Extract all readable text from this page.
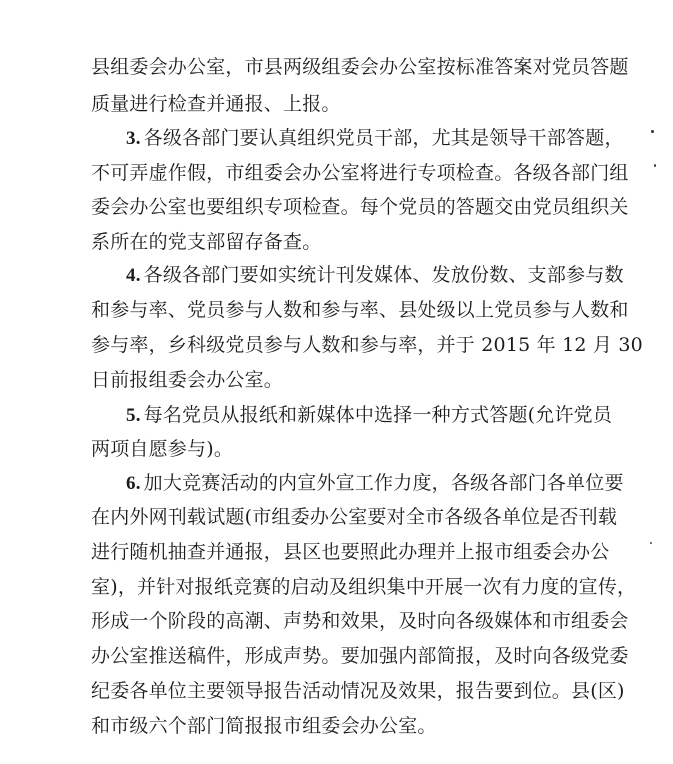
县组委会办公室，市县两级组委会办公室按标准答案对党员答题
质量进行检查并通报、上报。
3. 各级各部门要认真组织党员干部，尤其是领导干部答题，
不可弄虚作假，市组委会办公室将进行专项检查。各级各部门组
委会办公室也要组织专项检查。每个党员的答题交由党员组织关
系所在的党支部留存备查。
4. 各级各部门要如实统计刊发媒体、发放份数、支部参与数
和参与率、党员参与人数和参与率、县处级以上党员参与人数和
参与率，乡科级党员参与人数和参与率，并于 2015 年 12 月 30
日前报组委会办公室。
5. 每名党员从报纸和新媒体中选择一种方式答题(允许党员
两项自愿参与)。
6. 加大竞赛活动的内宣外宣工作力度，各级各部门各单位要
在内外网刊载试题(市组委办公室要对全市各级各单位是否刊载
进行随机抽查并通报，县区也要照此办理并上报市组委会办公
室)，并针对报纸竞赛的启动及组织集中开展一次有力度的宣传，
形成一个阶段的高潮、声势和效果，及时向各级媒体和市组委会
办公室推送稿件，形成声势。要加强内部简报，及时向各级党委
纪委各单位主要领导报告活动情况及效果，报告要到位。县(区)
和市级六个部门简报报市组委会办公室。
